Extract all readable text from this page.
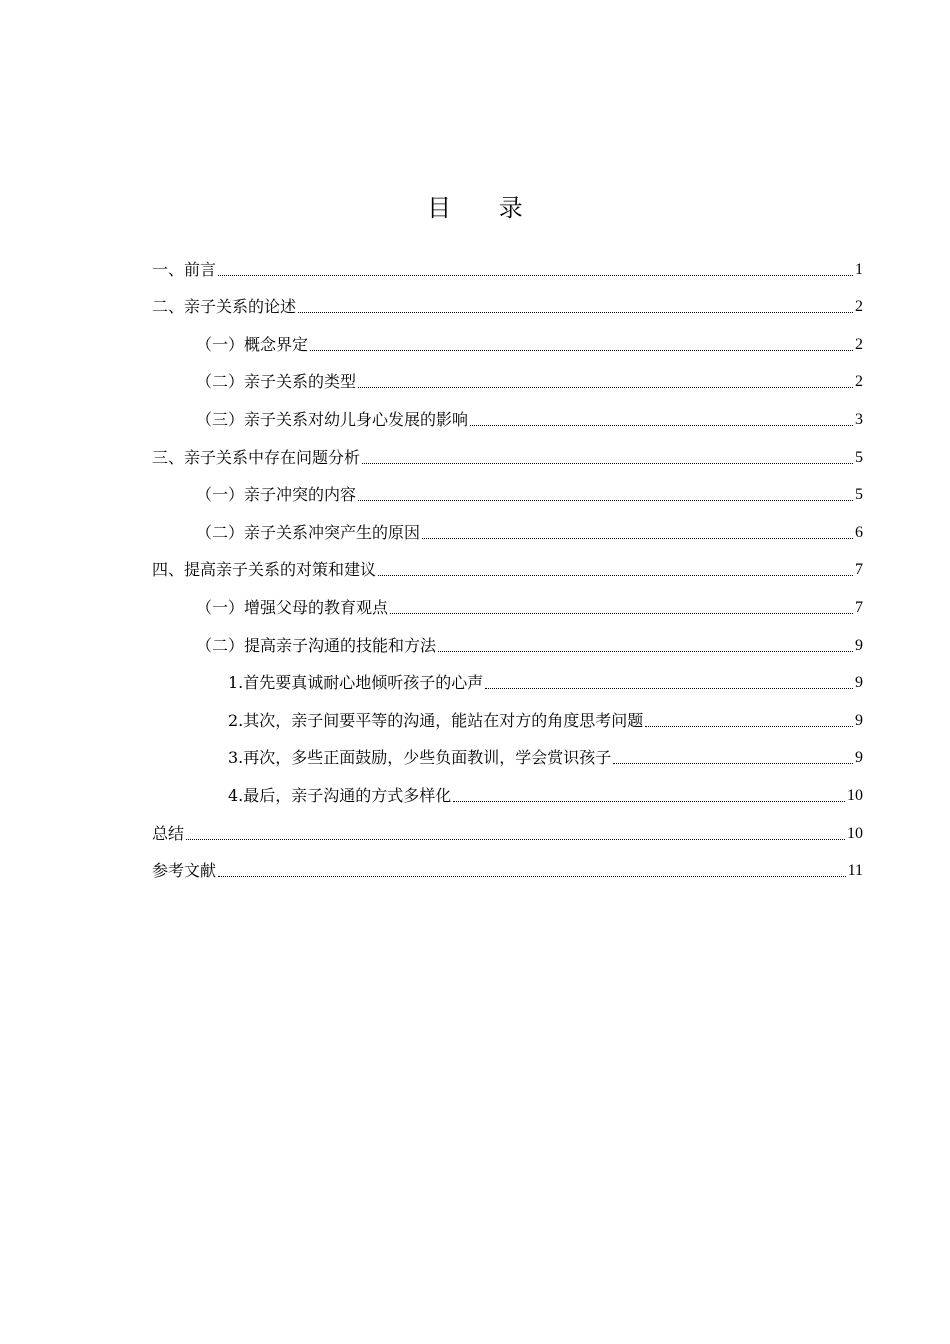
目 录
一、前言	1
二、亲子关系的论述	2
（一）概念界定	2
（二）亲子关系的类型	2
（三）亲子关系对幼儿身心发展的影响	3
三、亲子关系中存在问题分析	5
（一）亲子冲突的内容	5
（二）亲子关系冲突产生的原因	6
四、提高亲子关系的对策和建议	7
（一）增强父母的教育观点	7
（二）提高亲子沟通的技能和方法	9
1.首先要真诚耐心地倾听孩子的心声	9
2.其次，亲子间要平等的沟通，能站在对方的角度思考问题	9
3.再次，多些正面鼓励，少些负面教训，学会赏识孩子	9
4.最后，亲子沟通的方式多样化	10
总结	10
参考文献	11
